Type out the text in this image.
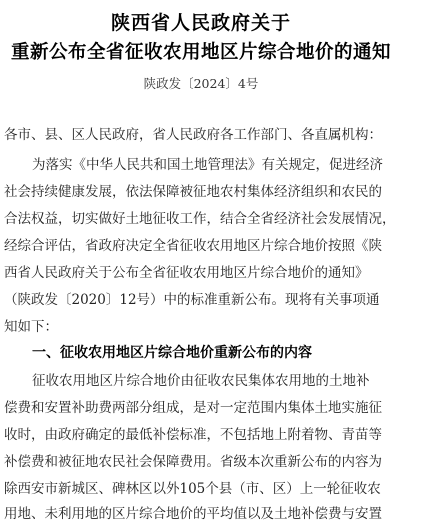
陕西省人民政府关于
重新公布全省征收农用地区片综合地价的通知
陕政发〔2024〕4号
各市、县、区人民政府，省人民政府各工作部门、各直属机构：
为落实《中华人民共和国土地管理法》有关规定，促进经济
社会持续健康发展，依法保障被征地农村集体经济组织和农民的
合法权益，切实做好土地征收工作，结合全省经济社会发展情况，
经综合评估，省政府决定全省征收农用地区片综合地价按照《陕
西省人民政府关于公布全省征收农用地区片综合地价的通知》
（陕政发〔2020〕12号）中的标准重新公布。现将有关事项通
知如下：
一、征收农用地区片综合地价重新公布的内容
征收农用地区片综合地价由征收农民集体农用地的土地补
偿费和安置补助费两部分组成，是对一定范围内集体土地实施征
收时，由政府确定的最低补偿标准，不包括地上附着物、青苗等
补偿费和被征地农民社会保障费用。省级本次重新公布的内容为
除西安市新城区、碑林区以外105个县（市、区）上一轮征收农
用地、未利用地的区片综合地价的平均值以及土地补偿费与安置
